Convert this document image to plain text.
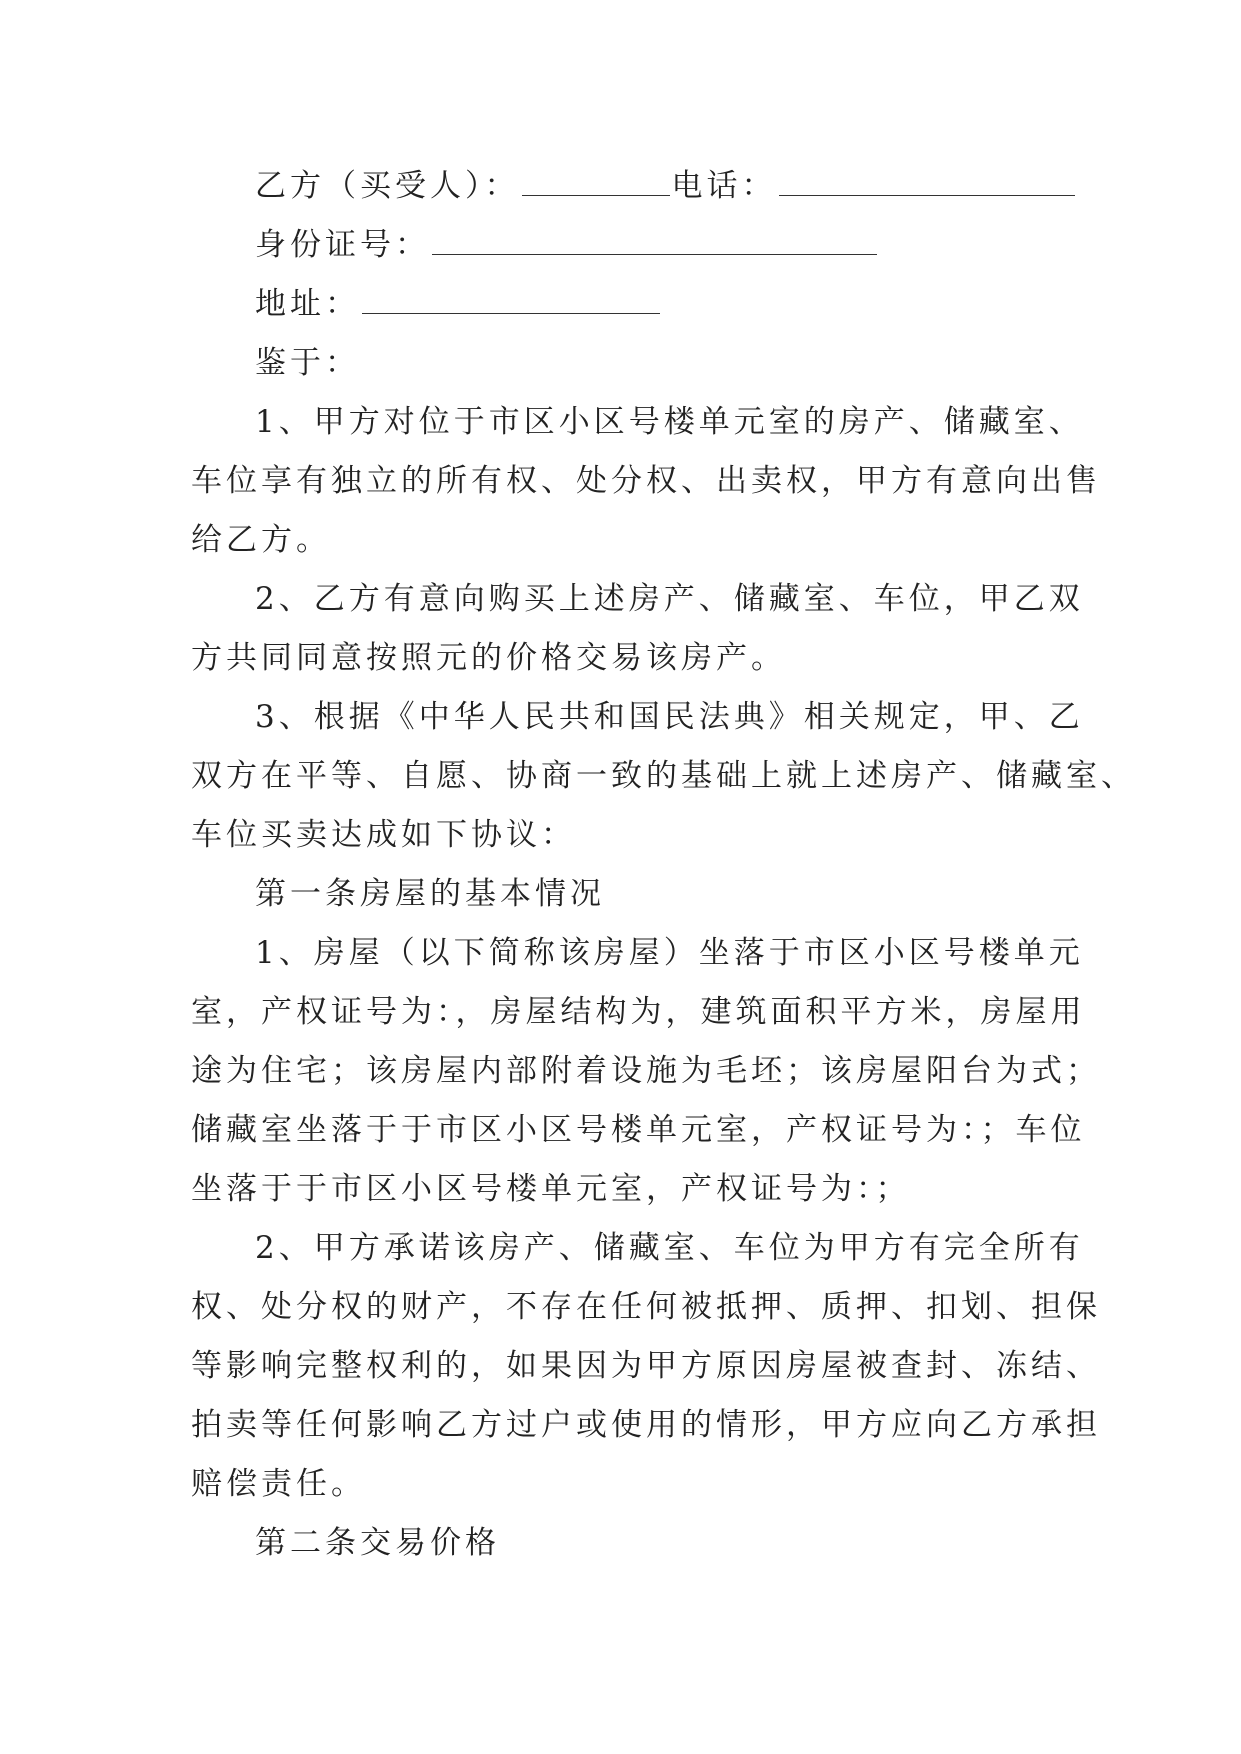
乙方（买受人）：	电话：
身份证号：
地址：
鉴于：
1、甲方对位于市区小区号楼单元室的房产、储藏室、
车位享有独立的所有权、处分权、出卖权，甲方有意向出售
给乙方。
2、乙方有意向购买上述房产、储藏室、车位，甲乙双
方共同同意按照元的价格交易该房产。
3、根据《中华人民共和国民法典》相关规定，甲、乙
双方在平等、自愿、协商一致的基础上就上述房产、储藏室、
车位买卖达成如下协议：
第一条房屋的基本情况
1、房屋（以下简称该房屋）坐落于市区小区号楼单元
室，产权证号为：，房屋结构为，建筑面积平方米，房屋用
途为住宅；该房屋内部附着设施为毛坯；该房屋阳台为式；
储藏室坐落于于市区小区号楼单元室，产权证号为：；车位
坐落于于市区小区号楼单元室，产权证号为：；
2、甲方承诺该房产、储藏室、车位为甲方有完全所有
权、处分权的财产，不存在任何被抵押、质押、扣划、担保
等影响完整权利的，如果因为甲方原因房屋被查封、冻结、
拍卖等任何影响乙方过户或使用的情形，甲方应向乙方承担
赔偿责任。
第二条交易价格
